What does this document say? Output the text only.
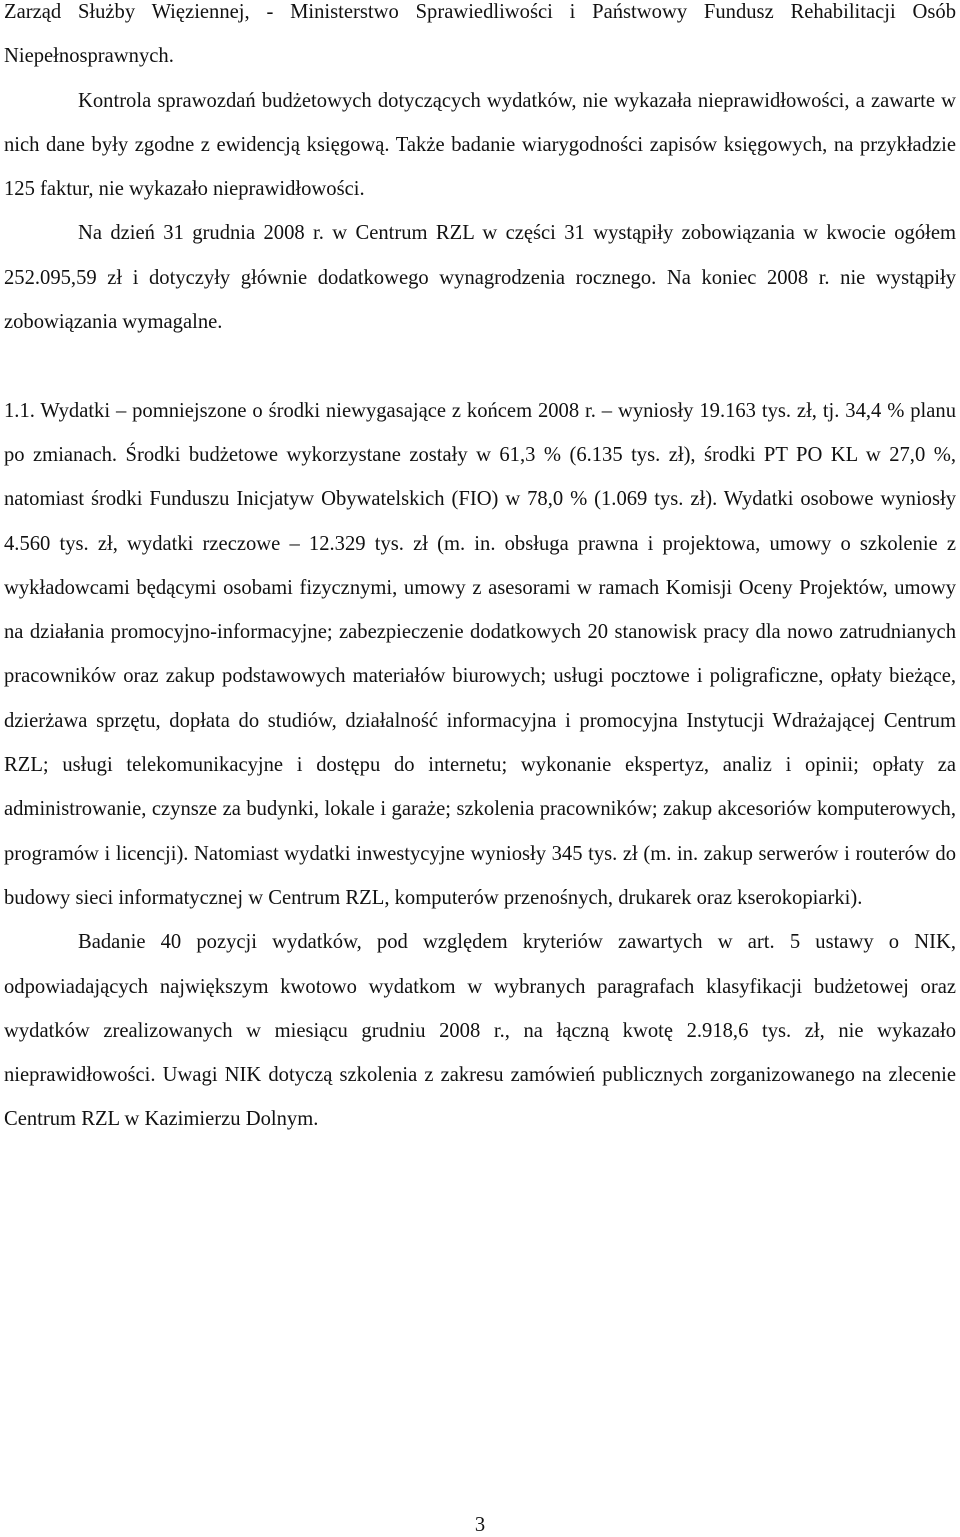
Zarząd Służby Więziennej, - Ministerstwo Sprawiedliwości i Państwowy Fundusz Rehabilitacji Osób Niepełnosprawnych.

Kontrola sprawozdań budżetowych dotyczących wydatków, nie wykazała nieprawidłowości, a zawarte w nich dane były zgodne z ewidencją księgową. Także badanie wiarygodności zapisów księgowych, na przykładzie 125 faktur, nie wykazało nieprawidłowości.

Na dzień 31 grudnia 2008 r. w Centrum RZL w części 31 wystąpiły zobowiązania w kwocie ogółem 252.095,59 zł i dotyczyły głównie dodatkowego wynagrodzenia rocznego. Na koniec 2008 r. nie wystąpiły zobowiązania wymagalne.

1.1. Wydatki – pomniejszone o środki niewygasające z końcem 2008 r. – wyniosły 19.163 tys. zł, tj. 34,4 % planu po zmianach. Środki budżetowe wykorzystane zostały w 61,3 % (6.135 tys. zł), środki PT PO KL w 27,0 %, natomiast środki Funduszu Inicjatyw Obywatelskich (FIO) w 78,0 % (1.069 tys. zł). Wydatki osobowe wyniosły 4.560 tys. zł, wydatki rzeczowe – 12.329 tys. zł (m. in. obsługa prawna i projektowa, umowy o szkolenie z wykładowcami będącymi osobami fizycznymi, umowy z asesorami w ramach Komisji Oceny Projektów, umowy na działania promocyjno-informacyjne; zabezpieczenie dodatkowych 20 stanowisk pracy dla nowo zatrudnianych pracowników oraz zakup podstawowych materiałów biurowych; usługi pocztowe i poligraficzne, opłaty bieżące, dzierżawa sprzętu, dopłata do studiów, działalność informacyjna i promocyjna Instytucji Wdrażającej Centrum RZL; usługi telekomunikacyjne i dostępu do internetu; wykonanie ekspertyz, analiz i opinii; opłaty za administrowanie, czynsze za budynki, lokale i garaże; szkolenia pracowników; zakup akcesoriów komputerowych, programów i licencji). Natomiast wydatki inwestycyjne wyniosły 345 tys. zł (m. in. zakup serwerów i routerów do budowy sieci informatycznej w Centrum RZL, komputerów przenośnych, drukarek oraz kserokopiarki).

Badanie 40 pozycji wydatków, pod względem kryteriów zawartych w art. 5 ustawy o NIK, odpowiadających największym kwotowo wydatkom w wybranych paragrafach klasyfikacji budżetowej oraz wydatków zrealizowanych w miesiącu grudniu 2008 r., na łączną kwotę 2.918,6 tys. zł, nie wykazało nieprawidłowości. Uwagi NIK dotyczą szkolenia z zakresu zamówień publicznych zorganizowanego na zlecenie Centrum RZL w Kazimierzu Dolnym.

3
